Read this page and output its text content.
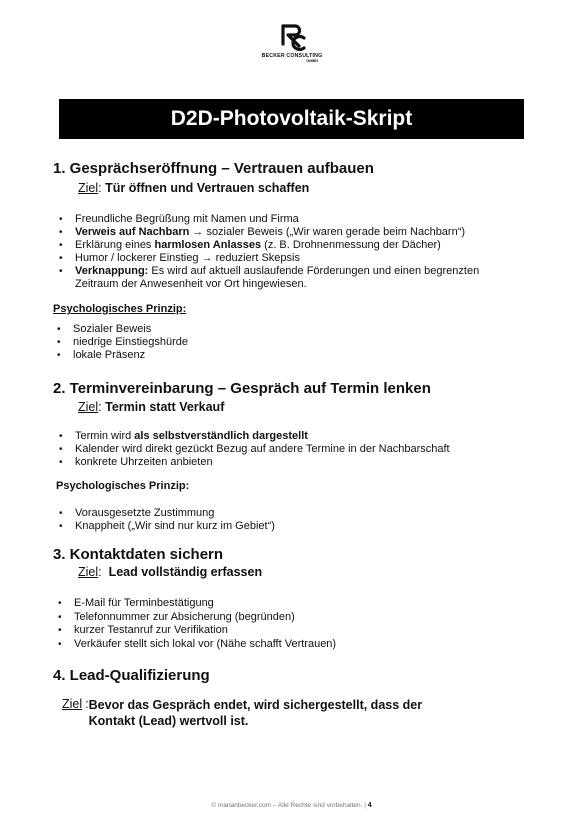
BECKER CONSULTING
GMBH
D2D-Photovoltaik-Skript
1. Gesprächseröffnung – Vertrauen aufbauen
Ziel: Tür öffnen und Vertrauen schaffen
• Freundliche Begrüßung mit Namen und Firma
• Verweis auf Nachbarn → sozialer Beweis („Wir waren gerade beim Nachbarn“)
• Erklärung eines harmlosen Anlasses (z. B. Drohnenmessung der Dächer)
• Humor / lockerer Einstieg → reduziert Skepsis
• Verknappung: Es wird auf aktuell auslaufende Förderungen und einen begrenzten Zeitraum der Anwesenheit vor Ort hingewiesen.
Psychologisches Prinzip:
• Sozialer Beweis
• niedrige Einstiegshürde
• lokale Präsenz
2. Terminvereinbarung – Gespräch auf Termin lenken
Ziel: Termin statt Verkauf
• Termin wird als selbstverständlich dargestellt
• Kalender wird direkt gezückt Bezug auf andere Termine in der Nachbarschaft
• konkrete Uhrzeiten anbieten
Psychologisches Prinzip:
• Vorausgesetzte Zustimmung
• Knappheit („Wir sind nur kurz im Gebiet“)
3. Kontaktdaten sichern
Ziel:  Lead vollständig erfassen
• E-Mail für Terminbestätigung
• Telefonnummer zur Absicherung (begründen)
• kurzer Testanruf zur Verifikation
• Verkäufer stellt sich lokal vor (Nähe schafft Vertrauen)
4. Lead-Qualifizierung
Ziel : Bevor das Gespräch endet, wird sichergestellt, dass der Kontakt (Lead) wertvoll ist.
© marianbecker.com – Alle Rechte sind vorbehalten. | 4
